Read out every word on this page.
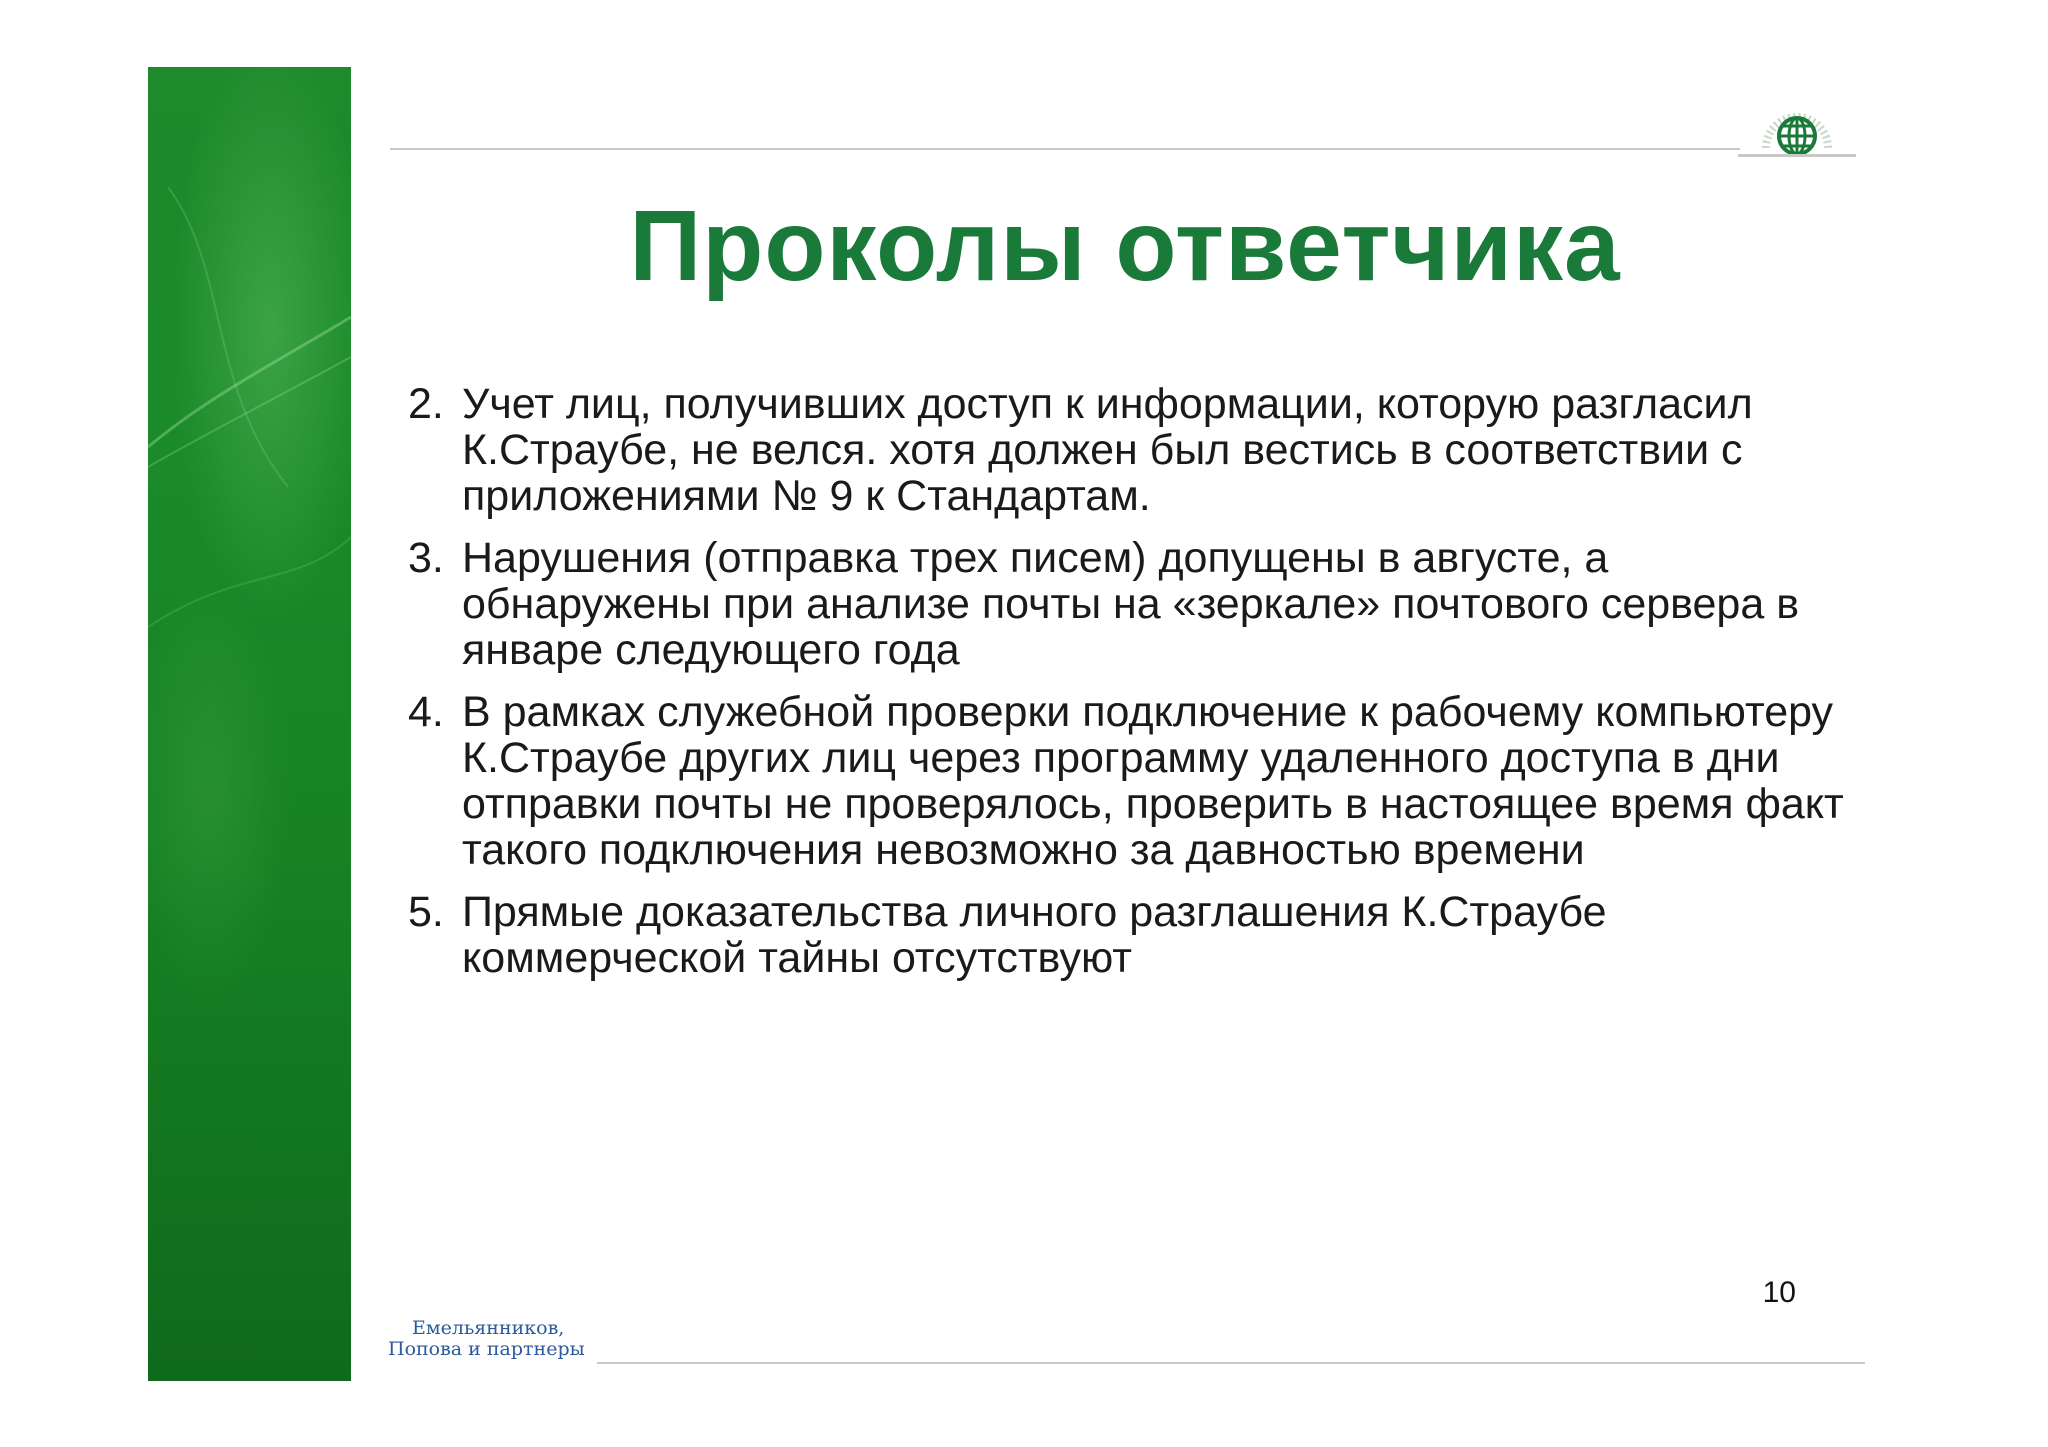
Проколы ответчика
2. Учет лиц, получивших доступ к информации, которую разгласил К.Страубе, не велся. хотя должен был вестись в соответствии с приложениями № 9 к Стандартам.
3. Нарушения (отправка трех писем) допущены в августе, а обнаружены при анализе почты на «зеркале» почтового сервера в январе следующего года
4. В рамках служебной проверки подключение к рабочему компьютеру К.Страубе других лиц через программу удаленного доступа в дни отправки почты не проверялось, проверить в настоящее время факт такого подключения невозможно за давностью времени
5. Прямые доказательства личного разглашения К.Страубе коммерческой тайны отсутствуют
10
Емельянников,
Попова и партнеры
